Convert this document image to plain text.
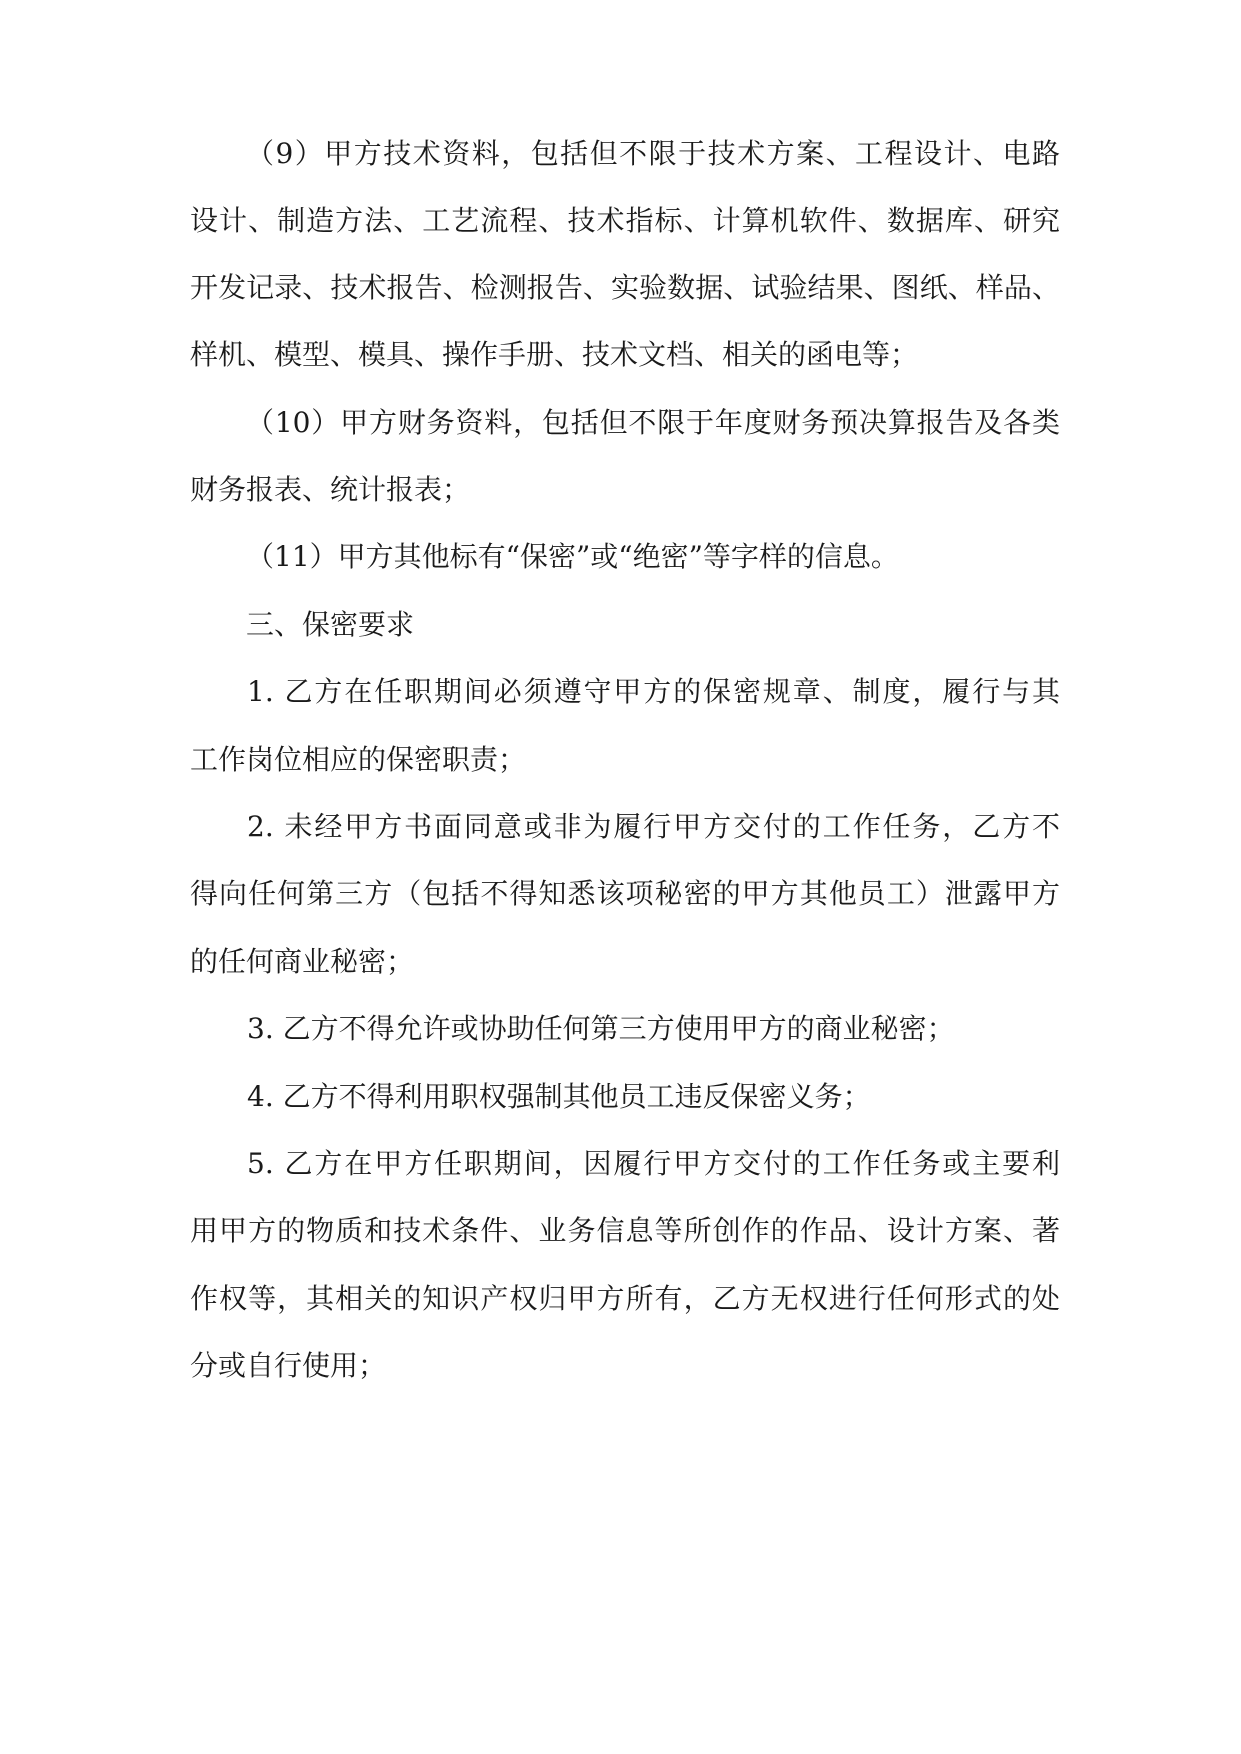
（9）甲方技术资料，包括但不限于技术方案、工程设计、电路
设计、制造方法、工艺流程、技术指标、计算机软件、数据库、研究
开发记录、技术报告、检测报告、实验数据、试验结果、图纸、样品、
样机、模型、模具、操作手册、技术文档、相关的函电等；
（10）甲方财务资料，包括但不限于年度财务预决算报告及各类
财务报表、统计报表；
（11）甲方其他标有“保密”或“绝密”等字样的信息。
三、保密要求
1. 乙方在任职期间必须遵守甲方的保密规章、制度，履行与其
工作岗位相应的保密职责；
2. 未经甲方书面同意或非为履行甲方交付的工作任务，乙方不
得向任何第三方（包括不得知悉该项秘密的甲方其他员工）泄露甲方
的任何商业秘密；
3. 乙方不得允许或协助任何第三方使用甲方的商业秘密；
4. 乙方不得利用职权强制其他员工违反保密义务；
5. 乙方在甲方任职期间，因履行甲方交付的工作任务或主要利
用甲方的物质和技术条件、业务信息等所创作的作品、设计方案、著
作权等，其相关的知识产权归甲方所有，乙方无权进行任何形式的处
分或自行使用；
